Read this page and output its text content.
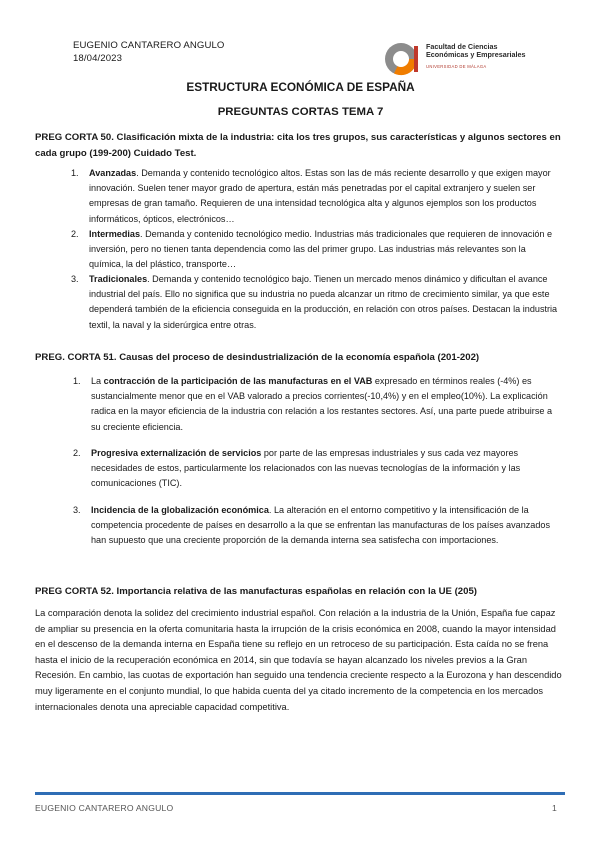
EUGENIO CANTARERO ANGULO
18/04/2023
Facultad de Ciencias
Económicas y Empresariales
UNIVERSIDAD DE MÁLAGA
ESTRUCTURA ECONÓMICA DE ESPAÑA
PREGUNTAS CORTAS TEMA 7
PREG CORTA 50. Clasificación mixta de la industria: cita los tres grupos, sus características y algunos sectores en cada grupo (199-200) Cuidado Test.
1. Avanzadas. Demanda y contenido tecnológico altos. Estas son las de más reciente desarrollo y que exigen mayor innovación. Suelen tener mayor grado de apertura, están más penetradas por el capital extranjero y suelen ser empresas de gran tamaño. Requieren de una intensidad tecnológica alta y algunos ejemplos son los productos informáticos, ópticos, electrónicos…
2. Intermedias. Demanda y contenido tecnológico medio. Industrias más tradicionales que requieren de innovación e inversión, pero no tienen tanta dependencia como las del primer grupo. Las industrias más relevantes son la química, la del plástico, transporte…
3. Tradicionales. Demanda y contenido tecnológico bajo. Tienen un mercado menos dinámico y dificultan el avance industrial del país. Ello no significa que su industria no pueda alcanzar un ritmo de crecimiento similar, ya que este dependerá también de la eficiencia conseguida en la producción, en relación con otros países. Destacan la industria textil, la naval y la siderúrgica entre otras.
PREG. CORTA 51. Causas del proceso de desindustrialización de la economía española (201-202)
1. La contracción de la participación de las manufacturas en el VAB expresado en términos reales (-4%) es sustancialmente menor que en el VAB valorado a precios corrientes(-10,4%) y en el empleo(10%). La explicación radica en la mayor eficiencia de la industria con relación a los restantes sectores. Así, una parte puede atribuirse a su creciente eficiencia.
2. Progresiva externalización de servicios por parte de las empresas industriales y sus cada vez mayores necesidades de estos, particularmente los relacionados con las nuevas tecnologías de la información y las comunicaciones (TIC).
3. Incidencia de la globalización económica. La alteración en el entorno competitivo y la intensificación de la competencia procedente de países en desarrollo a la que se enfrentan las manufacturas de los países avanzados han supuesto que una creciente proporción de la demanda interna sea satisfecha con importaciones.
PREG CORTA 52. Importancia relativa de las manufacturas españolas en relación con la UE (205)
La comparación denota la solidez del crecimiento industrial español. Con relación a la industria de la Unión, España fue capaz de ampliar su presencia en la oferta comunitaria hasta la irrupción de la crisis económica en 2008, cuando la mayor intensidad en el descenso de la demanda interna en España tiene su reflejo en un retroceso de su participación. Esta caída no se frena hasta el inicio de la recuperación económica en 2014, sin que todavía se hayan alcanzado los niveles previos a la Gran Recesión. En cambio, las cuotas de exportación han seguido una tendencia creciente respecto a la Eurozona y han descendido muy ligeramente en el conjunto mundial, lo que habida cuenta del ya citado incremento de la competencia en los mercados internacionales denota una apreciable capacidad competitiva.
EUGENIO CANTARERO ANGULO	1
